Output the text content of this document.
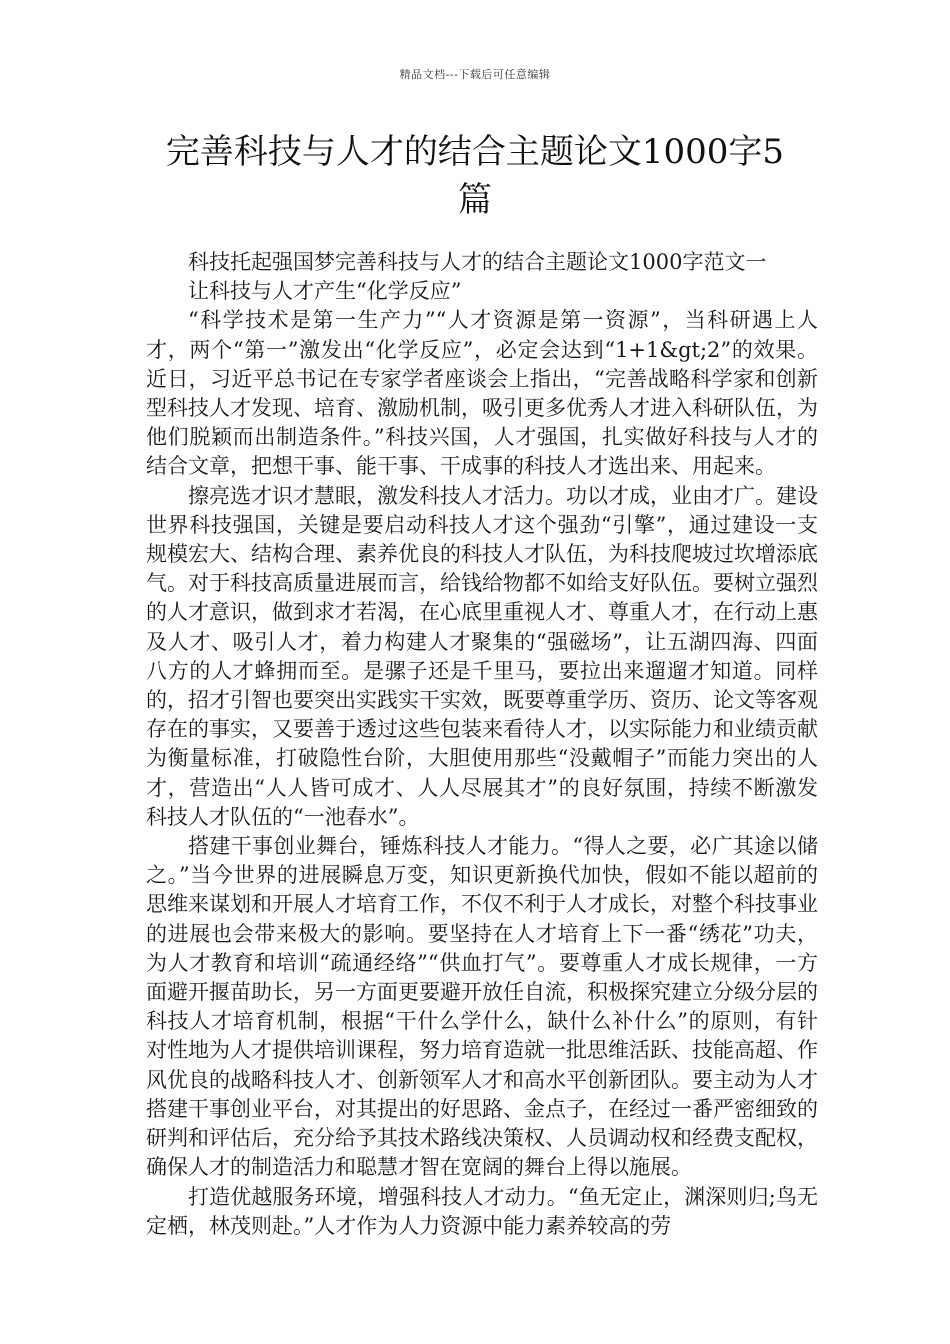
精品文档---下载后可任意编辑
完善科技与人才的结合主题论文1000字5篇

科技托起强国梦完善科技与人才的结合主题论文1000字范文一

让科技与人才产生“化学反应”

“科学技术是第一生产力”“人才资源是第一资源”，当科研遇上人才，两个“第一”激发出“化学反应”，必定会达到“1+1&gt;2”的效果。近日，习近平总书记在专家学者座谈会上指出，“完善战略科学家和创新型科技人才发现、培育、激励机制，吸引更多优秀人才进入科研队伍，为他们脱颖而出制造条件。”科技兴国，人才强国，扎实做好科技与人才的结合文章，把想干事、能干事、干成事的科技人才选出来、用起来。

擦亮选才识才慧眼，激发科技人才活力。功以才成，业由才广。建设世界科技强国，关键是要启动科技人才这个强劲“引擎”，通过建设一支规模宏大、结构合理、素养优良的科技人才队伍，为科技爬坡过坎增添底气。对于科技高质量进展而言，给钱给物都不如给支好队伍。要树立强烈的人才意识，做到求才若渴，在心底里重视人才、尊重人才，在行动上惠及人才、吸引人才，着力构建人才聚集的“强磁场”，让五湖四海、四面八方的人才蜂拥而至。是骡子还是千里马，要拉出来遛遛才知道。同样的，招才引智也要突出实践实干实效，既要尊重学历、资历、论文等客观存在的事实，又要善于透过这些包装来看待人才，以实际能力和业绩贡献为衡量标准，打破隐性台阶，大胆使用那些“没戴帽子”而能力突出的人才，营造出“人人皆可成才、人人尽展其才”的良好氛围，持续不断激发科技人才队伍的“一池春水”。

搭建干事创业舞台，锤炼科技人才能力。“得人之要，必广其途以储之。”当今世界的进展瞬息万变，知识更新换代加快，假如不能以超前的思维来谋划和开展人才培育工作，不仅不利于人才成长，对整个科技事业的进展也会带来极大的影响。要坚持在人才培育上下一番“绣花”功夫，为人才教育和培训“疏通经络”“供血打气”。要尊重人才成长规律，一方面避开揠苗助长，另一方面更要避开放任自流，积极探究建立分级分层的科技人才培育机制，根据“干什么学什么，缺什么补什么”的原则，有针对性地为人才提供培训课程，努力培育造就一批思维活跃、技能高超、作风优良的战略科技人才、创新领军人才和高水平创新团队。要主动为人才搭建干事创业平台，对其提出的好思路、金点子，在经过一番严密细致的研判和评估后，充分给予其技术路线决策权、人员调动权和经费支配权，确保人才的制造活力和聪慧才智在宽阔的舞台上得以施展。

打造优越服务环境，增强科技人才动力。“鱼无定止，渊深则归;鸟无定栖，林茂则赴。”人才作为人力资源中能力素养较高的劳
